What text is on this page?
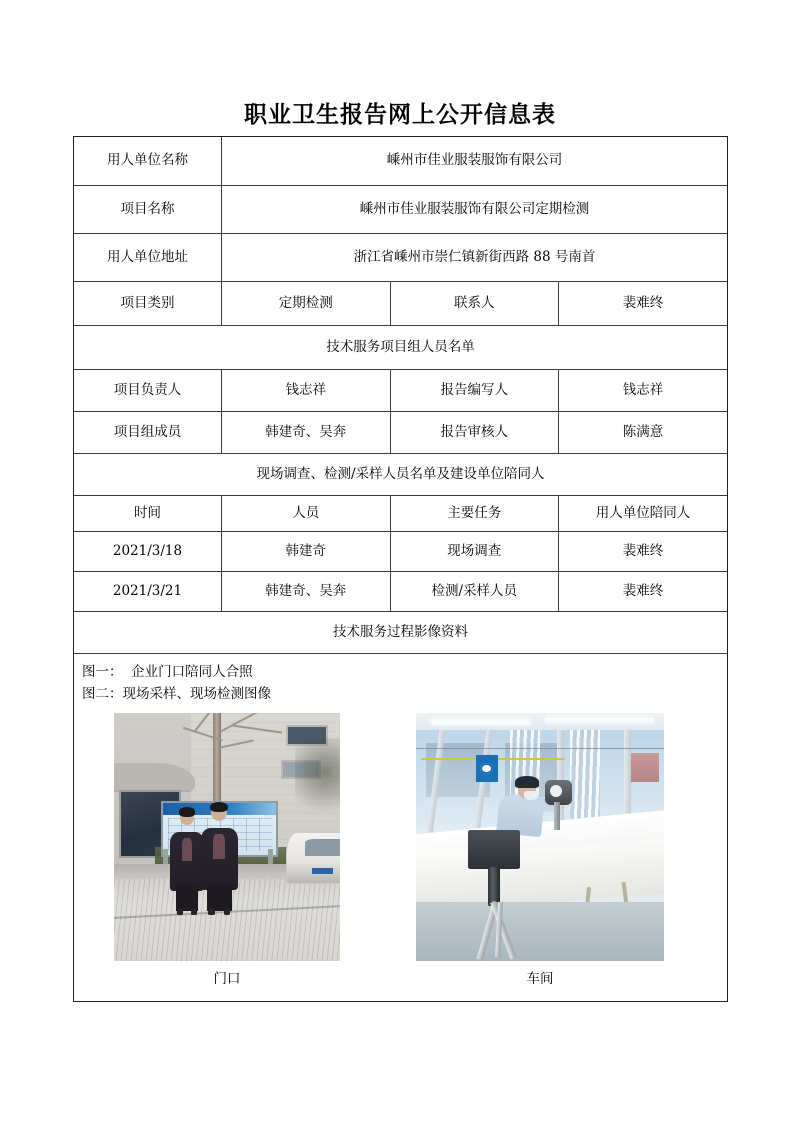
职业卫生报告网上公开信息表
用人单位名称	嵊州市佳业服装服饰有限公司		
项目名称	嵊州市佳业服装服饰有限公司定期检测		
用人单位地址	浙江省嵊州市崇仁镇新街西路 88 号南首		
项目类别	定期检测	联系人	裴难终
技术服务项目组人员名单			
项目负责人	钱志祥	报告编写人	钱志祥
项目组成员	韩建奇、吴奔	报告审核人	陈满意
现场调查、检测/采样人员名单及建设单位陪同人			
时间	人员	主要任务	用人单位陪同人
2021/3/18	韩建奇	现场调查	裴难终
2021/3/21	韩建奇、吴奔	检测/采样人员	裴难终
技术服务过程影像资料			

图一：  企业门口陪同人合照
图二：现场采样、现场检测图像
门口 车间			
